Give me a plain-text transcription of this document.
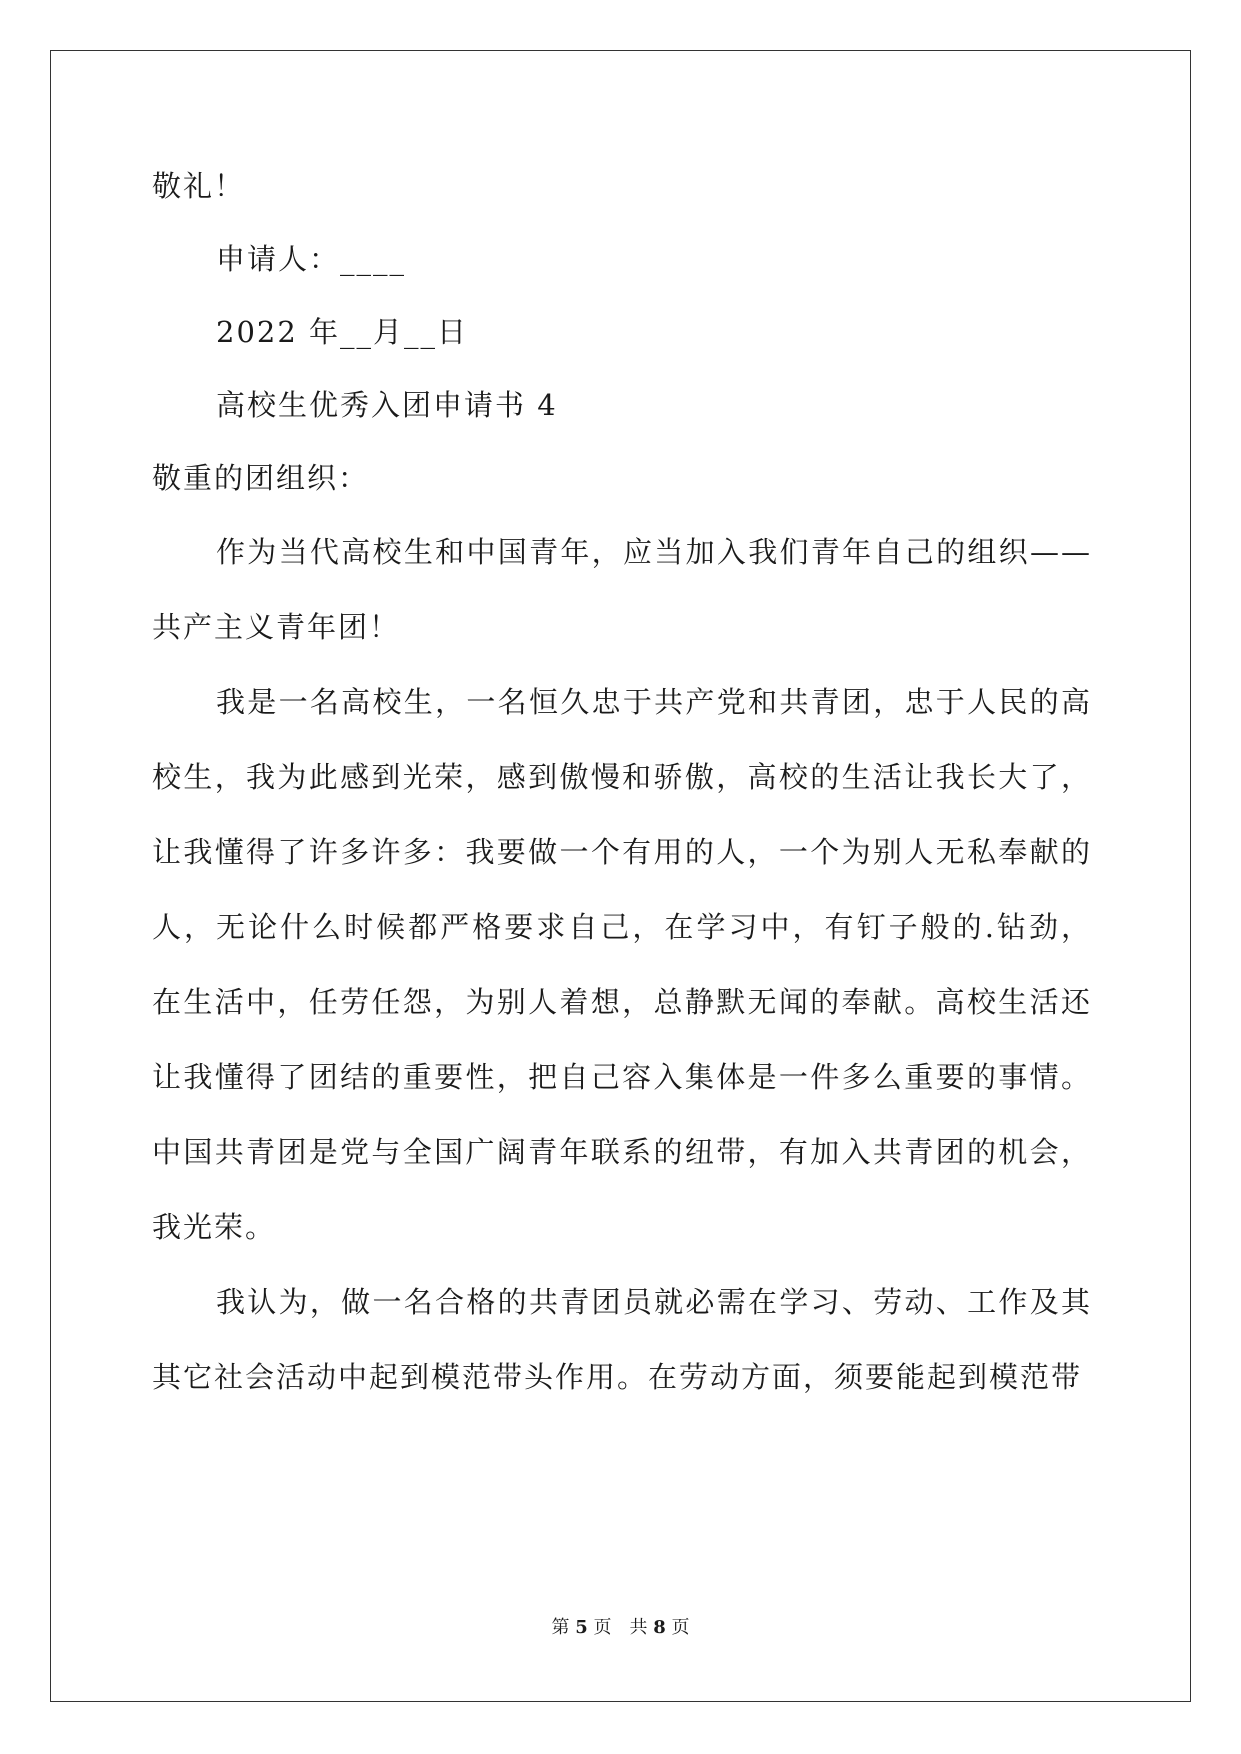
敬礼！
申请人：____
2022 年__月__日
高校生优秀入团申请书 4
敬重的团组织：

作为当代高校生和中国青年，应当加入我们青年自己的组织——共产主义青年团！

我是一名高校生，一名恒久忠于共产党和共青团，忠于人民的高校生，我为此感到光荣，感到傲慢和骄傲，高校的生活让我长大了，让我懂得了许多许多：我要做一个有用的人，一个为别人无私奉献的人，无论什么时候都严格要求自己，在学习中，有钉子般的.钻劲，在生活中，任劳任怨，为别人着想，总静默无闻的奉献。高校生活还让我懂得了团结的重要性，把自己容入集体是一件多么重要的事情。中国共青团是党与全国广阔青年联系的纽带，有加入共青团的机会，我光荣。

我认为，做一名合格的共青团员就必需在学习、劳动、工作及其其它社会活动中起到模范带头作用。在劳动方面，须要能起到模范带

第 5 页　共 8 页
